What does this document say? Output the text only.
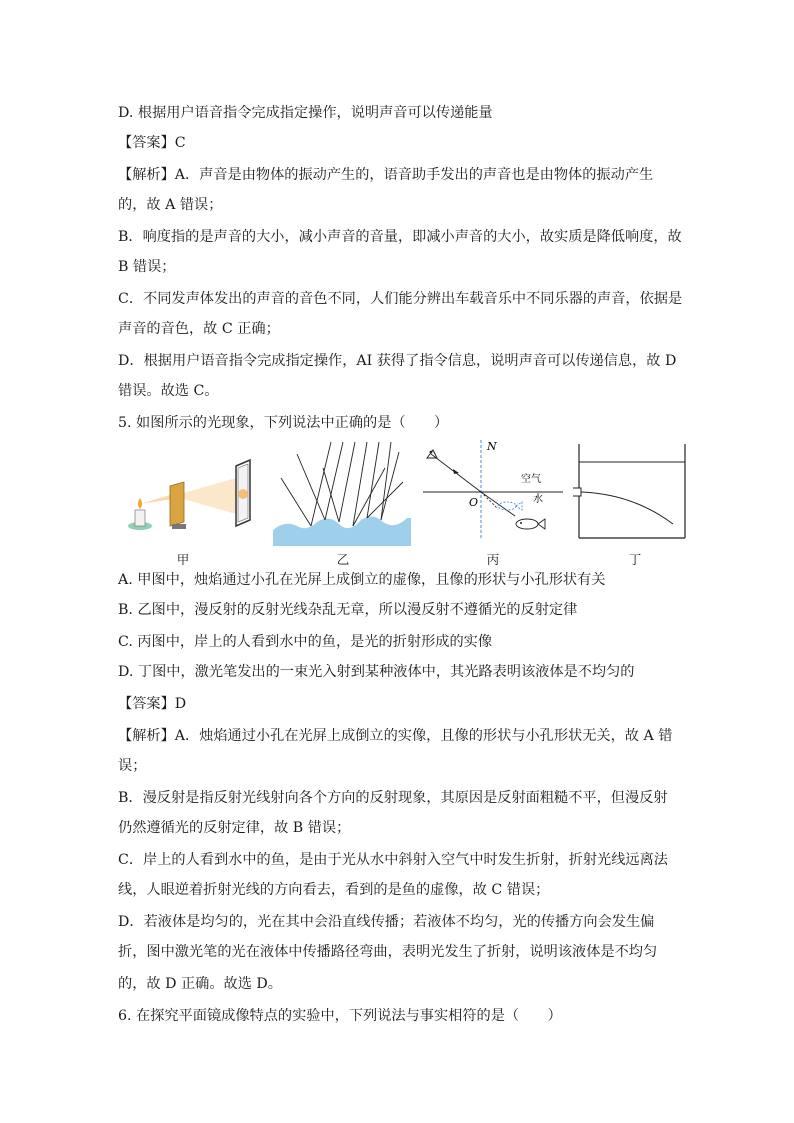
D. 根据用户语音指令完成指定操作，说明声音可以传递能量
【答案】C
【解析】A．声音是由物体的振动产生的，语音助手发出的声音也是由物体的振动产生
的，故 A 错误；
B．响度指的是声音的大小，减小声音的音量，即减小声音的大小，故实质是降低响度，故
B 错误；
C．不同发声体发出的声音的音色不同，人们能分辨出车载音乐中不同乐器的声音，依据是
声音的音色，故 C 正确；
D．根据用户语音指令完成指定操作，AI 获得了指令信息，说明声音可以传递信息，故 D
错误。故选 C。
5. 如图所示的光现象，下列说法中正确的是（　　）
甲	乙
N
空气
水
O
丙	丁
A. 甲图中，烛焰通过小孔在光屏上成倒立的虚像，且像的形状与小孔形状有关
B. 乙图中，漫反射的反射光线杂乱无章，所以漫反射不遵循光的反射定律
C. 丙图中，岸上的人看到水中的鱼，是光的折射形成的实像
D. 丁图中，激光笔发出的一束光入射到某种液体中，其光路表明该液体是不均匀的
【答案】D
【解析】A．烛焰通过小孔在光屏上成倒立的实像，且像的形状与小孔形状无关，故 A 错
误；
B．漫反射是指反射光线射向各个方向的反射现象，其原因是反射面粗糙不平，但漫反射
仍然遵循光的反射定律，故 B 错误；
C．岸上的人看到水中的鱼，是由于光从水中斜射入空气中时发生折射，折射光线远离法
线，人眼逆着折射光线的方向看去，看到的是鱼的虚像，故 C 错误；
D．若液体是均匀的，光在其中会沿直线传播；若液体不均匀，光的传播方向会发生偏
折，图中激光笔的光在液体中传播路径弯曲，表明光发生了折射，说明该液体是不均匀
的，故 D 正确。故选 D。
6. 在探究平面镜成像特点的实验中，下列说法与事实相符的是（　　）
